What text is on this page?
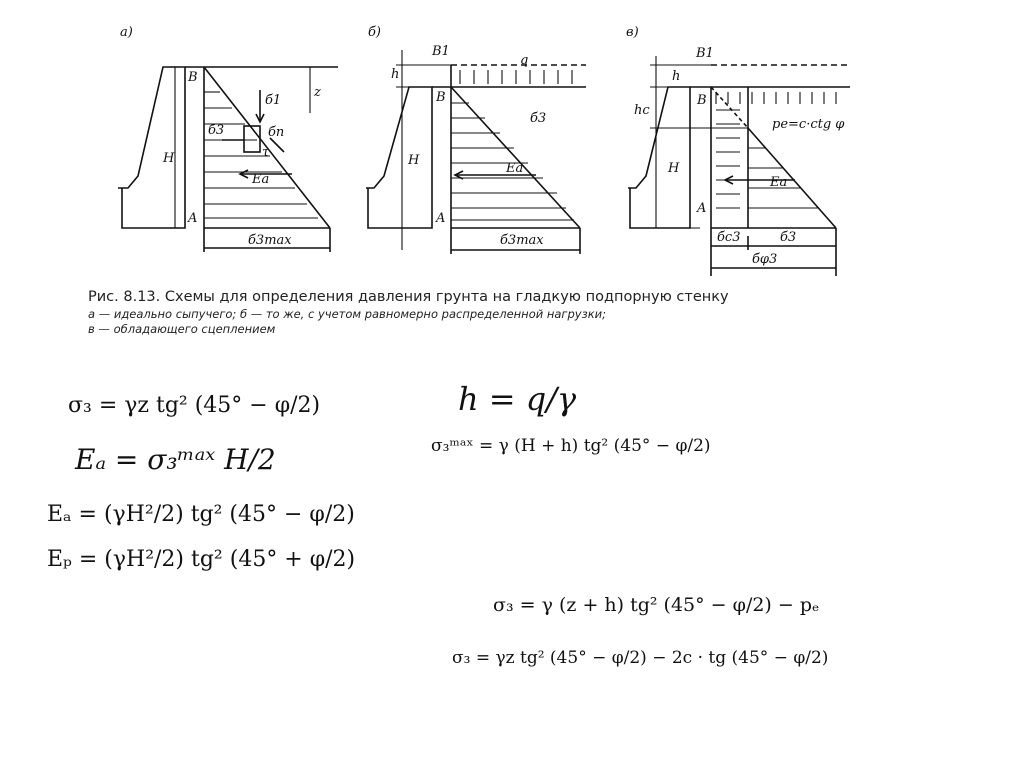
а)
B
A
H
z
б1
б3	бn
τ
Ea
б3max
б)
B1
h
q
B
б3
H
Ea
A
б3max
в)
B1
h
B
hc
pe=c·ctg φ
H
Ea
A
бc3	б3
бφ3
Рис. 8.13. Схемы для определения давления грунта на гладкую подпорную стенку
а — идеально сыпучего; б — то же, с учетом равномерно распределенной нагрузки;
в — обладающего сцеплением
σ₃ = γz tg² (45° − φ/2)
Eₐ = σ₃ᵐᵃˣ H/2
Eₐ = (γH²/2) tg² (45° − φ/2)
Eₚ = (γH²/2) tg² (45° + φ/2)
h = q/γ
σ₃ᵐᵃˣ = γ (H + h) tg² (45° − φ/2)
σ₃ = γ (z + h) tg² (45° − φ/2) − pₑ
σ₃ = γz tg² (45° − φ/2) − 2c · tg (45° − φ/2)
